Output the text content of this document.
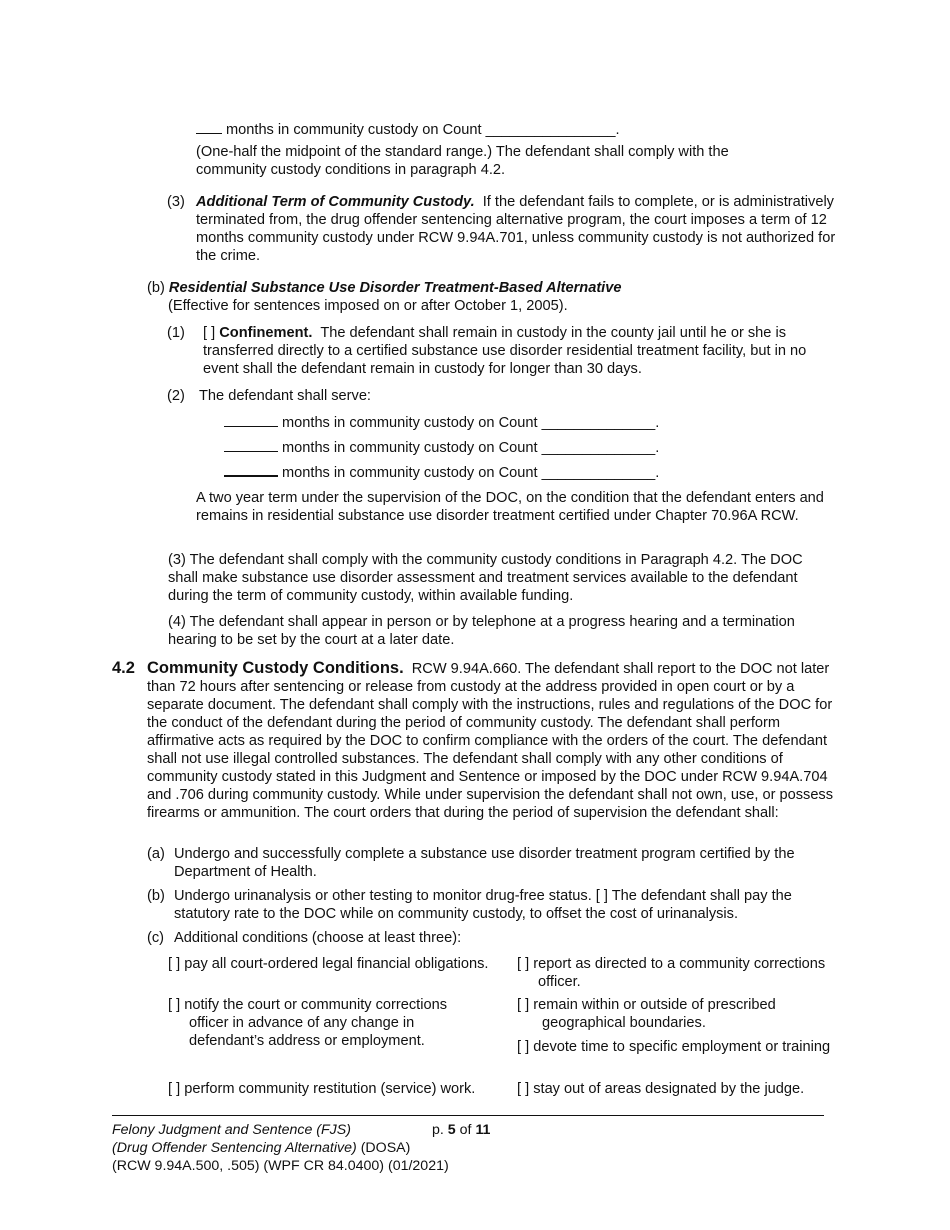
months in community custody on Count ________________.
(One-half the midpoint of the standard range.) The defendant shall comply with the community custody conditions in paragraph 4.2.
(3) Additional Term of Community Custody. If the defendant fails to complete, or is administratively terminated from, the drug offender sentencing alternative program, the court imposes a term of 12 months community custody under RCW 9.94A.701, unless community custody is not authorized for the crime.
(b) Residential Substance Use Disorder Treatment-Based Alternative
(Effective for sentences imposed on or after October 1, 2005).
(1) [ ] Confinement. The defendant shall remain in custody in the county jail until he or she is transferred directly to a certified substance use disorder residential treatment facility, but in no event shall the defendant remain in custody for longer than 30 days.
(2) The defendant shall serve:
months in community custody on Count ______________.
months in community custody on Count ______________.
months in community custody on Count ______________.
A two year term under the supervision of the DOC, on the condition that the defendant enters and remains in residential substance use disorder treatment certified under Chapter 70.96A RCW.
(3) The defendant shall comply with the community custody conditions in Paragraph 4.2. The DOC shall make substance use disorder assessment and treatment services available to the defendant during the term of community custody, within available funding.
(4) The defendant shall appear in person or by telephone at a progress hearing and a termination hearing to be set by the court at a later date.
4.2 Community Custody Conditions. RCW 9.94A.660. The defendant shall report to the DOC not later than 72 hours after sentencing or release from custody at the address provided in open court or by a separate document. The defendant shall comply with the instructions, rules and regulations of the DOC for the conduct of the defendant during the period of community custody. The defendant shall perform affirmative acts as required by the DOC to confirm compliance with the orders of the court. The defendant shall not use illegal controlled substances. The defendant shall comply with any other conditions of community custody stated in this Judgment and Sentence or imposed by the DOC under RCW 9.94A.704 and .706 during community custody. While under supervision the defendant shall not own, use, or possess firearms or ammunition. The court orders that during the period of supervision the defendant shall:
(a) Undergo and successfully complete a substance use disorder treatment program certified by the Department of Health.
(b) Undergo urinanalysis or other testing to monitor drug-free status. [ ] The defendant shall pay the statutory rate to the DOC while on community custody, to offset the cost of urinanalysis.
(c) Additional conditions (choose at least three):
[ ] pay all court-ordered legal financial obligations.
[ ] notify the court or community corrections officer in advance of any change in defendant’s address or employment.
[ ] perform community restitution (service) work.
[ ] report as directed to a community corrections officer.
[ ] remain within or outside of prescribed geographical boundaries.
[ ] devote time to specific employment or training
[ ] stay out of areas designated by the judge.
Felony Judgment and Sentence (FJS)	p. 5 of 11
(Drug Offender Sentencing Alternative) (DOSA)
(RCW 9.94A.500, .505) (WPF CR 84.0400) (01/2021)
